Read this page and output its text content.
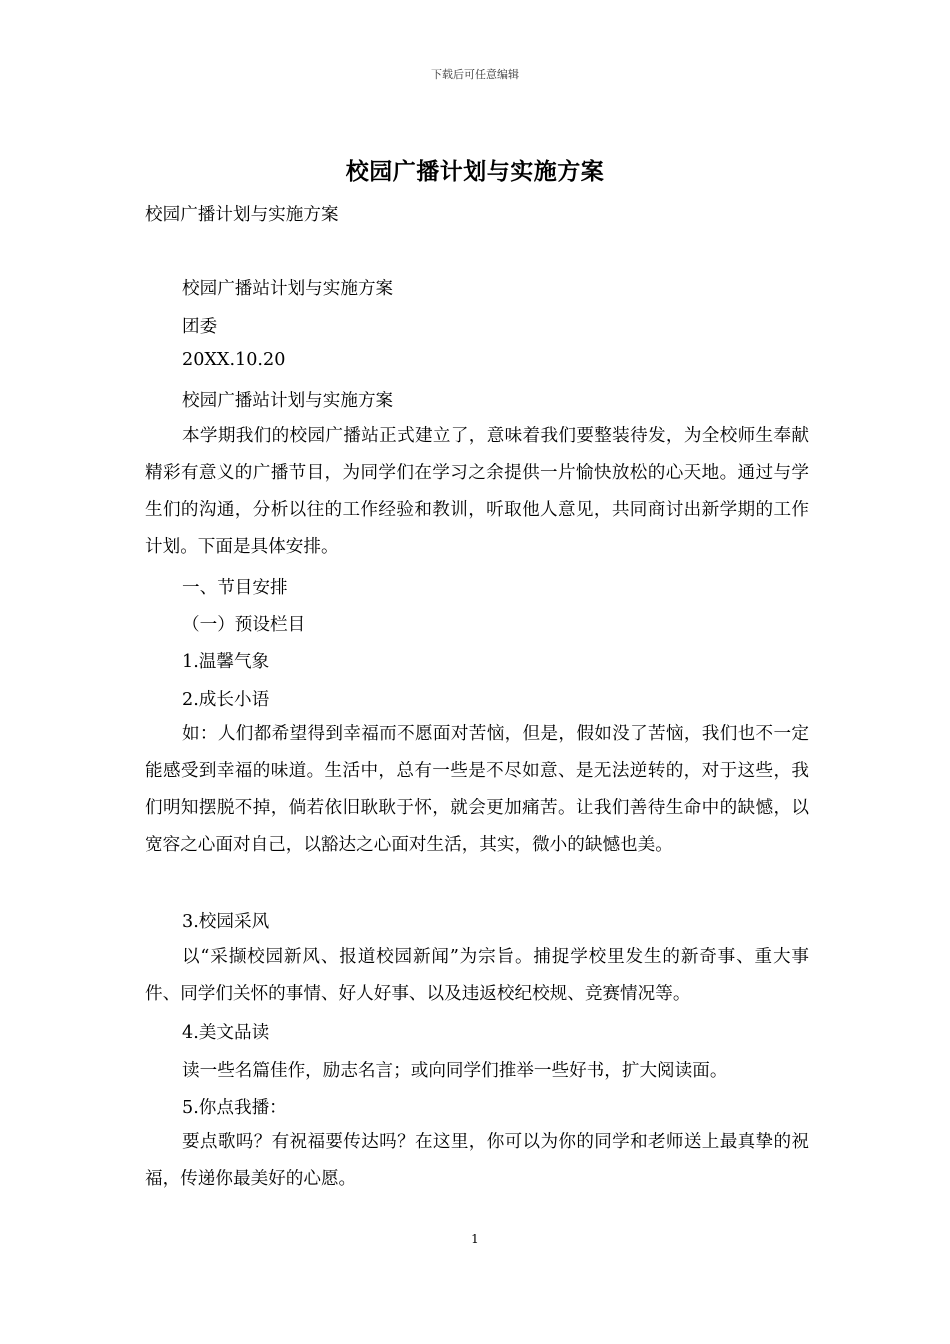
下载后可任意编辑
校园广播计划与实施方案
校园广播计划与实施方案
校园广播站计划与实施方案
团委
20XX.10.20
校园广播站计划与实施方案
本学期我们的校园广播站正式建立了，意味着我们要整装待发，为全校师生奉献精彩有意义的广播节目，为同学们在学习之余提供一片愉快放松的心天地。通过与学生们的沟通，分析以往的工作经验和教训，听取他人意见，共同商讨出新学期的工作计划。下面是具体安排。
一、节目安排
（一）预设栏目
1.温馨气象
2.成长小语
如：人们都希望得到幸福而不愿面对苦恼，但是，假如没了苦恼，我们也不一定能感受到幸福的味道。生活中，总有一些是不尽如意、是无法逆转的，对于这些，我们明知摆脱不掉，倘若依旧耿耿于怀，就会更加痛苦。让我们善待生命中的缺憾，以宽容之心面对自己，以豁达之心面对生活，其实，微小的缺憾也美。
3.校园采风
以“采撷校园新风、报道校园新闻”为宗旨。捕捉学校里发生的新奇事、重大事件、同学们关怀的事情、好人好事、以及违返校纪校规、竞赛情况等。
4.美文品读
读一些名篇佳作，励志名言；或向同学们推举一些好书，扩大阅读面。
5.你点我播：
要点歌吗？有祝福要传达吗？在这里，你可以为你的同学和老师送上最真挚的祝福，传递你最美好的心愿。
1
